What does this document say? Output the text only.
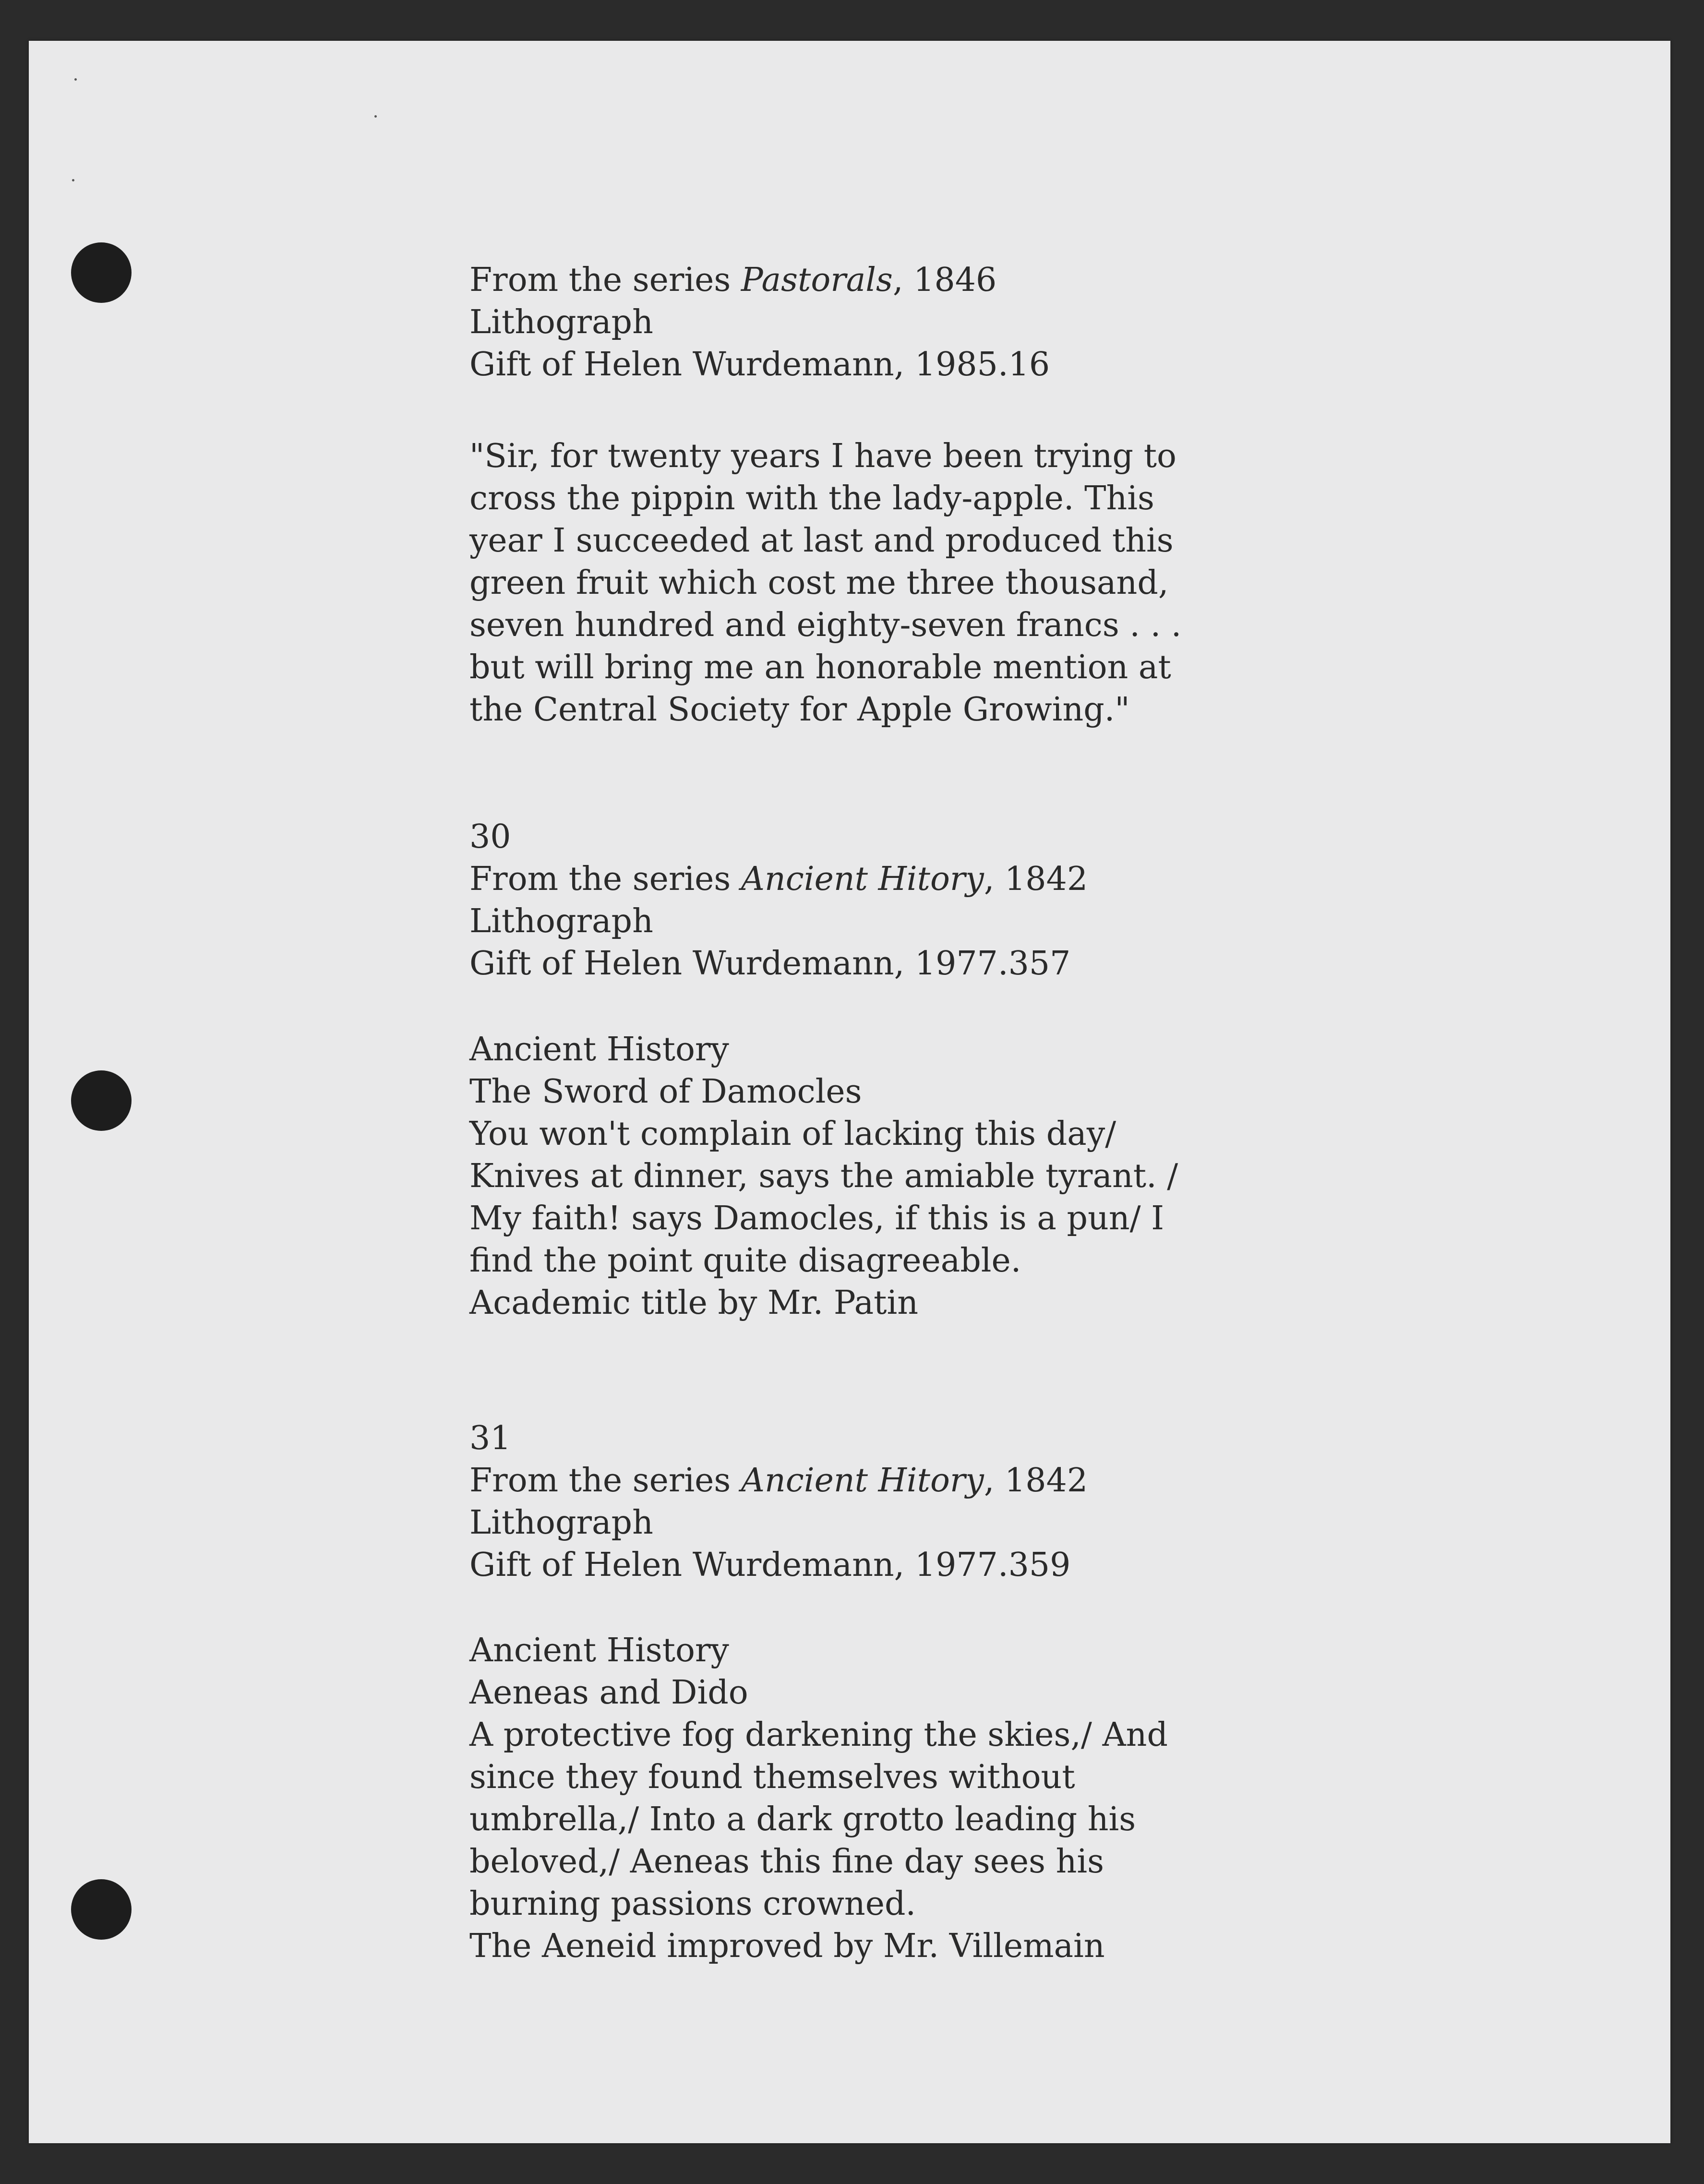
From the series Pastorals, 1846
Lithograph
Gift of Helen Wurdemann, 1985.16
"Sir, for twenty years I have been trying to
cross the pippin with the lady-apple. This
year I succeeded at last and produced this
green fruit which cost me three thousand,
seven hundred and eighty-seven francs . . .
but will bring me an honorable mention at
the Central Society for Apple Growing."
30
From the series Ancient Hitory, 1842
Lithograph
Gift of Helen Wurdemann, 1977.357
Ancient History
The Sword of Damocles
You won't complain of lacking this day/
Knives at dinner, says the amiable tyrant. /
My faith! says Damocles, if this is a pun/ I
find the point quite disagreeable.
Academic title by Mr. Patin
31
From the series Ancient Hitory, 1842
Lithograph
Gift of Helen Wurdemann, 1977.359
Ancient History
Aeneas and Dido
A protective fog darkening the skies,/ And
since they found themselves without
umbrella,/ Into a dark grotto leading his
beloved,/ Aeneas this fine day sees his
burning passions crowned.
The Aeneid improved by Mr. Villemain
